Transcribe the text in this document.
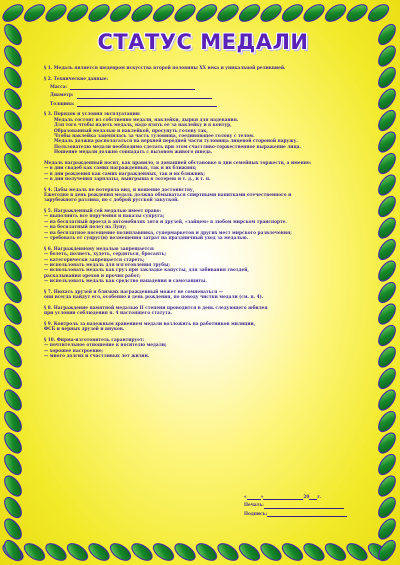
СТАТУС МЕДАЛИ
§ 1. Медаль является шедевром искусства второй половины XX века и уникальной реликвией.
§ 2. Технические данные:
Масса:
Диаметр:
Толщина:
§ 3. Порядок и условия эксплуатации:
Медаль состоит из собственно медали, наклейки, дырки для надевания.
Для того чтобы надеть медаль, надо взять ее за наклейку и в контур,
Образованный медалью и наклейкой, просунуть голову так,
Чтобы наклейка зацепилась за часть туловища, соединяющее голову с телом.
Медаль должна располагаться на верхней передней части туловища лицевой стороной наружу.
Пользователю медали необходимо сделать при этом счастливо-торжественное выражение лица.
Ношение медали должно совпадать с вызовом живого шведа.
Медаль награжденный носит, как правило, в домашней обстановке в дни семейных торжеств, а именно:
— в дни свадеб как самих награжденных, так и их ближних;
— в дни рождения как самих награжденных, так и их ближних;
— в дни получения зарплаты, выигрыша в лотерею и т. д., и т. п.
§ 4. Дабы медаль не потеряла вид, и ношение достоинству,
Ежегодно в день рождения медаль должна обмываться спиртными напитками отечественного и
зарубежного разлива, но с доброй русской закуской.
§ 5. Награжденный сей медалью имеет право:
— выполнить все поручения и наказы супруга;
— на бесплатный проезд в автомобилях зятя и друзей, «зайцем» в любом мирском транспорте.
— на бесплатный полет на Луну;
— на бесплатное посещение полиплавника, супермаркетов и других мест мирского развлечения;
— требовать от супруг(и) возмещения затрат на праздничный уход за медалью.
§ 6. Награжденному медалью запрещается:
— болеть, полнеть, худеть, сердиться, бросаять;
— категорически запрещается стареть;
— использовать медаль для изготовления трубы;
— использовать медаль как груз при закладке капусты, для забивания гвоздей,
раскалывания орехов и прочих работ;
— использовать медаль как средство нападения и самозащиты.
§ 7. Нюхать друзей и близких награжденный может не сомневаться —
они всегда найдут его, особенно в день рождения, по поводу чистки медали (см. п. 4).
§ 8. Награждение памятной медалью II степени проводится в день следующего юбилея
при условии соблюдения п. 4 настоящего статута.
§ 9. Контроль за надежным хранением медали возложить на работников милиции,
ФСБ и верных друзей и внуков.
§ 10. Фирма-изготовитель гарантирует:
— почтительное отношение к носителю медали;
— хорошее настроение;
— много долгих и счастливых лет жизни.
«	»	20 г.
Печать:
Подпись:
